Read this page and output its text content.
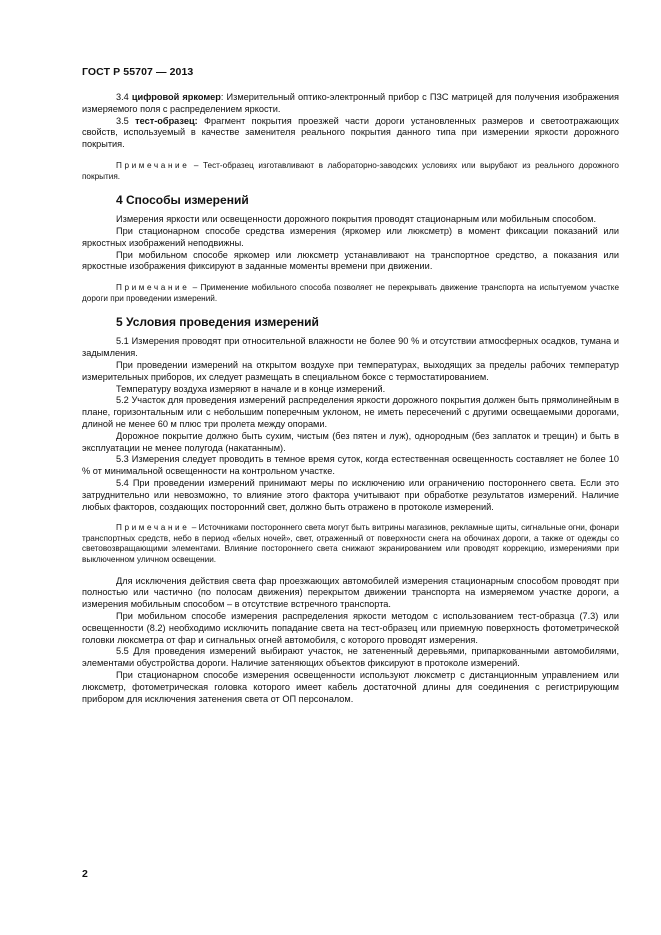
ГОСТ Р 55707 — 2013

3.4 цифровой яркомер: Измерительный оптико-электронный прибор с ПЗС матрицей для получения изображения измеряемого поля с распределением яркости.

3.5 тест-образец: Фрагмент покрытия проезжей части дороги установленных размеров и светоотражающих свойств, используемый в качестве заменителя реального покрытия данного типа при измерении яркости дорожного покрытия.

Примечание – Тест-образец изготавливают в лабораторно-заводских условиях или вырубают из реального дорожного покрытия.

4 Способы измерений

Измерения яркости или освещенности дорожного покрытия проводят стационарным или мобильным способом.

При стационарном способе средства измерения (яркомер или люксметр) в момент фиксации показаний или яркостных изображений неподвижны.

При мобильном способе яркомер или люксметр устанавливают на транспортное средство, а показания или яркостные изображения фиксируют в заданные моменты времени при движении.

Примечание – Применение мобильного способа позволяет не перекрывать движение транспорта на испытуемом участке дороги при проведении измерений.

5 Условия проведения измерений

5.1 Измерения проводят при относительной влажности не более 90 % и отсутствии атмосферных осадков, тумана и задымления.

При проведении измерений на открытом воздухе при температурах, выходящих за пределы рабочих температур измерительных приборов, их следует размещать в специальном боксе с термостатированием.

Температуру воздуха измеряют в начале и в конце измерений.

5.2 Участок для проведения измерений распределения яркости дорожного покрытия должен быть прямолинейным в плане, горизонтальным или с небольшим поперечным уклоном, не иметь пересечений с другими освещаемыми дорогами, длиной не менее 60 м плюс три пролета между опорами.

Дорожное покрытие должно быть сухим, чистым (без пятен и луж), однородным (без заплаток и трещин) и быть в эксплуатации не менее полугода (накатанным).

5.3 Измерения следует проводить в темное время суток, когда естественная освещенность составляет не более 10 % от минимальной освещенности на контрольном участке.

5.4 При проведении измерений принимают меры по исключению или ограничению постороннего света. Если это затруднительно или невозможно, то влияние этого фактора учитывают при обработке результатов измерений. Наличие любых факторов, создающих посторонний свет, должно быть отражено в протоколе измерений.

Примечание – Источниками постороннего света могут быть витрины магазинов, рекламные щиты, сигнальные огни, фонари транспортных средств, небо в период «белых ночей», свет, отраженный от поверхности снега на обочинах дороги, а также от одежды со световозвращающими элементами. Влияние постороннего света снижают экранированием или проводят коррекцию, измерениями при выключенном уличном освещении.

Для исключения действия света фар проезжающих автомобилей измерения стационарным способом проводят при полностью или частично (по полосам движения) перекрытом движении транспорта на измеряемом участке дороги, а измерения мобильным способом – в отсутствие встречного транспорта.

При мобильном способе измерения распределения яркости методом с использованием тест-образца (7.3) или освещенности (8.2) необходимо исключить попадание света на тест-образец или приемную поверхность фотометрической головки люксметра от фар и сигнальных огней автомобиля, с которого проводят измерения.

5.5 Для проведения измерений выбирают участок, не затененный деревьями, припаркованными автомобилями, элементами обустройства дороги. Наличие затеняющих объектов фиксируют в протоколе измерений.

При стационарном способе измерения освещенности используют люксметр с дистанционным управлением или люксметр, фотометрическая головка которого имеет кабель достаточной длины для соединения с регистрирующим прибором для исключения затенения света от ОП персоналом.

2
